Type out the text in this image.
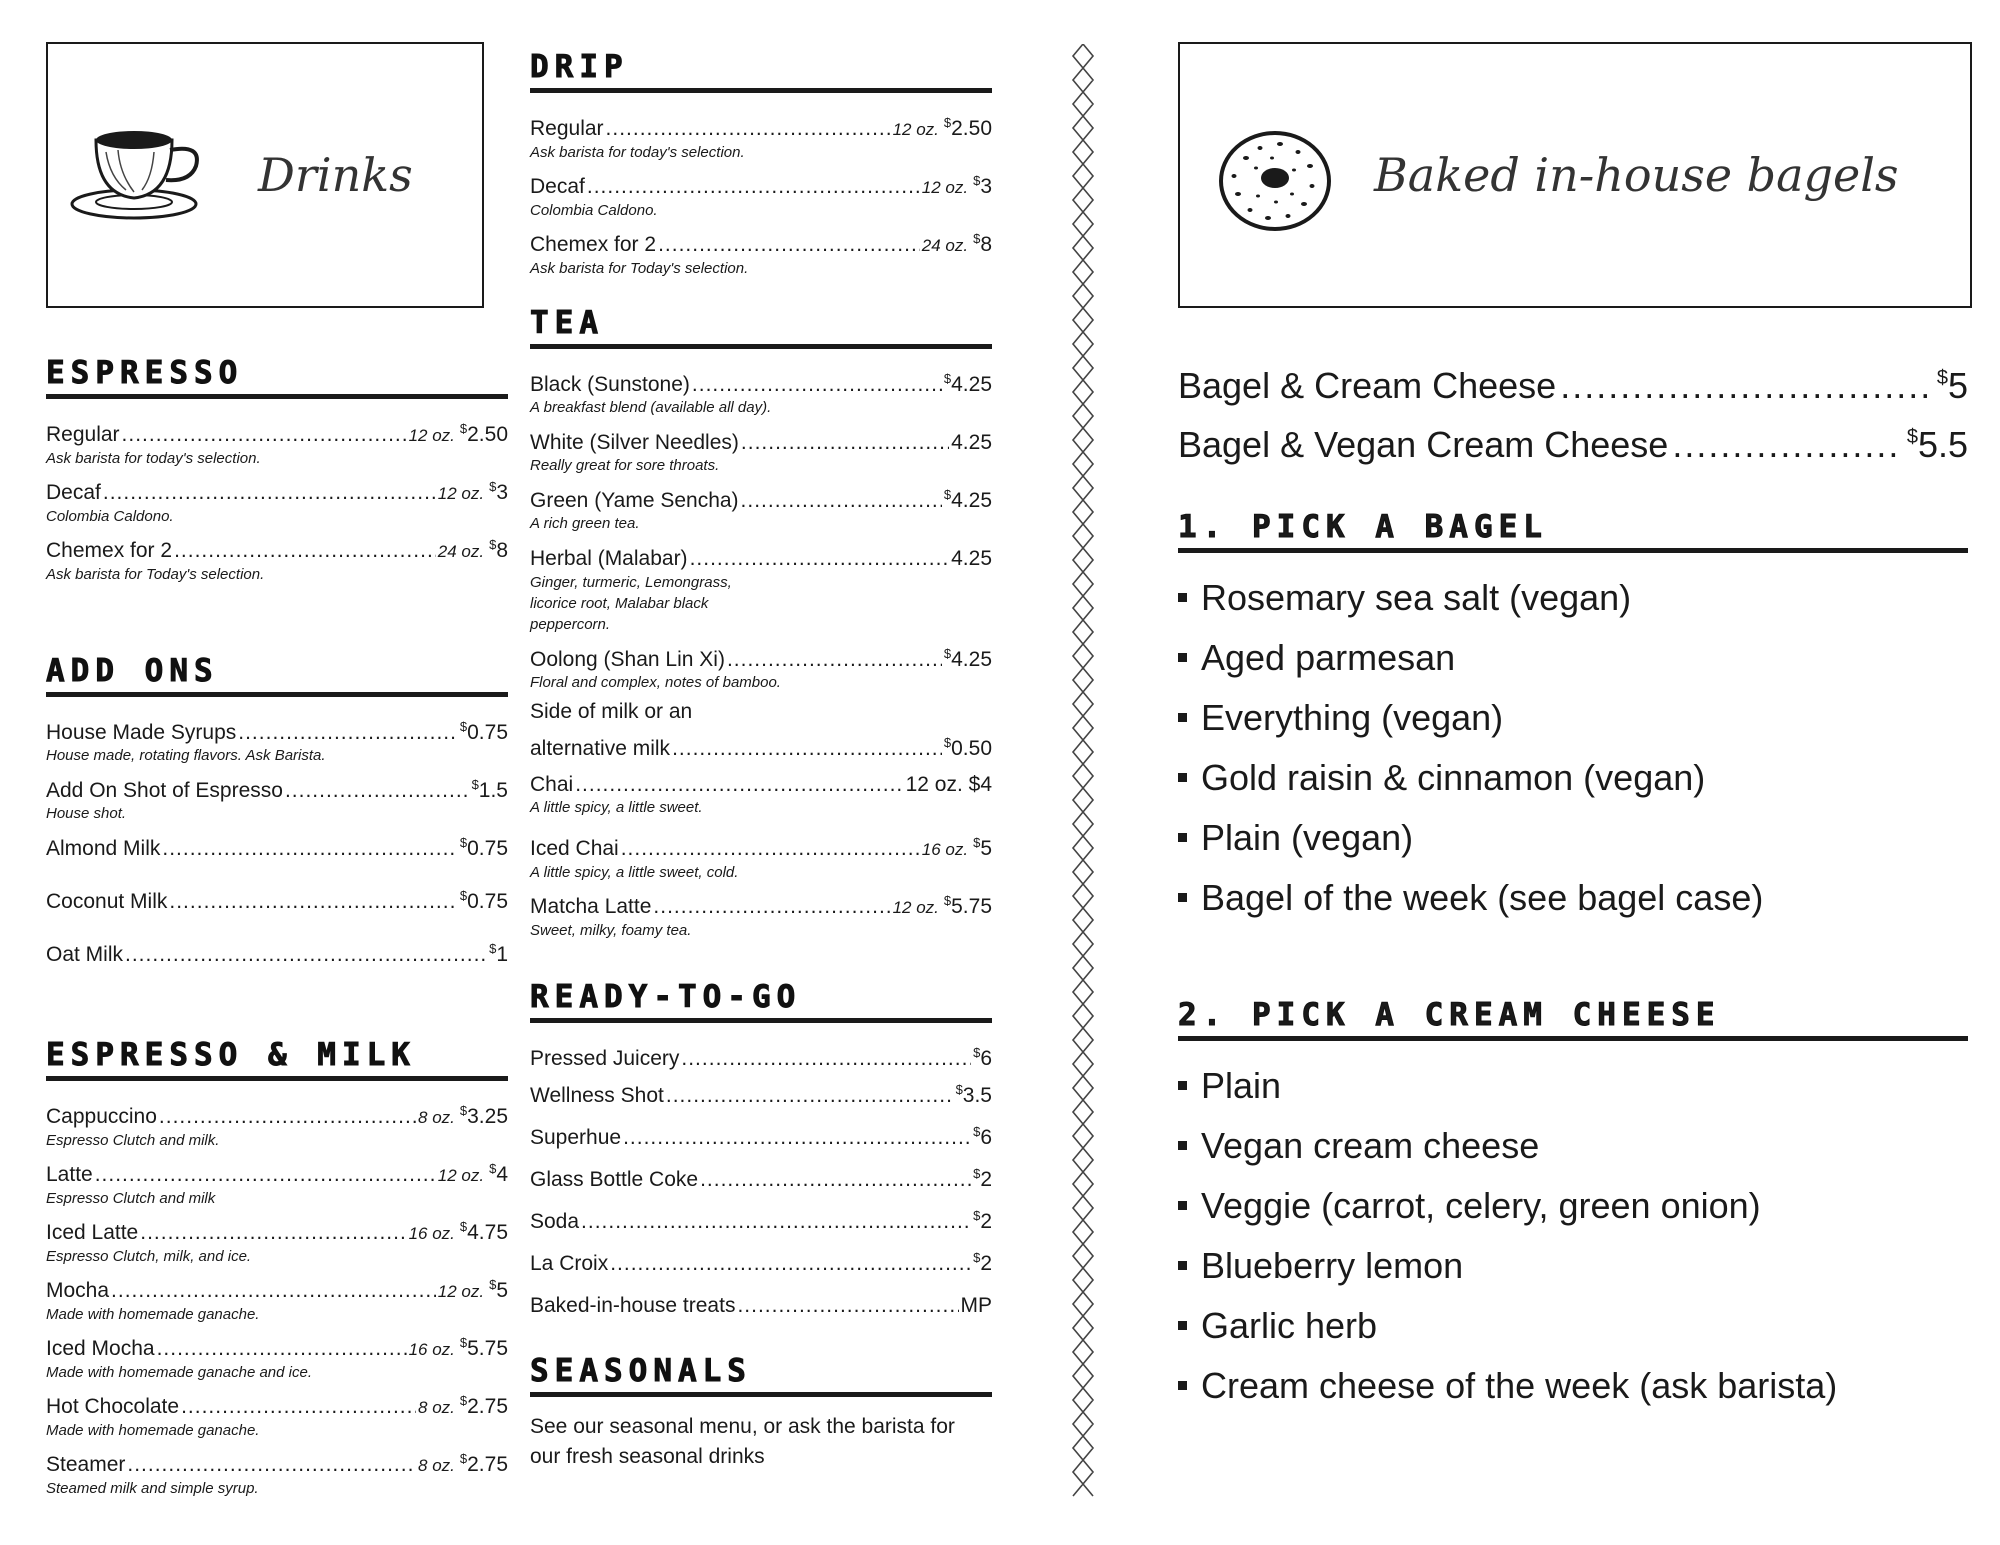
Drinks
ESPRESSO
Regular .....	12 oz. $2.50
Ask barista for today's selection.
Decaf .....	12 oz. $3
Colombia Caldono.
Chemex for 2 .....	24 oz. $8
Ask barista for Today's selection.
ADD ONS
House Made Syrups .....	$0.75
House made, rotating flavors. Ask Barista.
Add On Shot of Espresso .....	$1.5
House shot.
Almond Milk .....	$0.75
Coconut Milk .....	$0.75
Oat Milk .....	$1
ESPRESSO & MILK
Cappuccino .....	8 oz. $3.25
Espresso Clutch and milk.
Latte .....	12 oz. $4
Espresso Clutch and milk
Iced Latte .....	16 oz. $4.75
Espresso Clutch, milk, and ice.
Mocha .....	12 oz. $5
Made with homemade ganache.
Iced Mocha .....	16 oz. $5.75
Made with homemade ganache and ice.
Hot Chocolate .....	8 oz. $2.75
Made with homemade ganache.
Steamer .....	8 oz. $2.75
Steamed milk and simple syrup.
DRIP
Regular .....	12 oz. $2.50
Ask barista for today's selection.
Decaf .....	12 oz. $3
Colombia Caldono.
Chemex for 2 .....	24 oz. $8
Ask barista for Today's selection.
TEA
Black (Sunstone) .....	$4.25
A breakfast blend (available all day).
White (Silver Needles) .....	4.25
Really great for sore throats.
Green (Yame Sencha) .....	$4.25
A rich green tea.
Herbal (Malabar) .....	4.25
Ginger, turmeric, Lemongrass,
licorice root, Malabar black
peppercorn.
Oolong (Shan Lin Xi) .....	$4.25
Floral and complex, notes of bamboo.
Side of milk or an
alternative milk .....	$0.50
Chai .....	12 oz. $4
A little spicy, a little sweet.
Iced Chai .....	16 oz. $5
A little spicy, a little sweet, cold.
Matcha Latte .....	12 oz. $5.75
Sweet, milky, foamy tea.
READY-TO-GO
Pressed Juicery .....	$6
Wellness Shot .....	$3.5
Superhue .....	$6
Glass Bottle Coke .....	$2
Soda .....	$2
La Croix .....	$2
Baked-in-house treats .....	MP
SEASONALS
See our seasonal menu, or ask the barista for
our fresh seasonal drinks
Baked in-house bagels
Bagel & Cream Cheese .....	$5
Bagel & Vegan Cream Cheese .....	$5.5
1. PICK A BAGEL
Rosemary sea salt (vegan)
Aged parmesan
Everything (vegan)
Gold raisin & cinnamon (vegan)
Plain (vegan)
Bagel of the week (see bagel case)
2. PICK A CREAM CHEESE
Plain
Vegan cream cheese
Veggie (carrot, celery, green onion)
Blueberry lemon
Garlic herb
Cream cheese of the week (ask barista)
